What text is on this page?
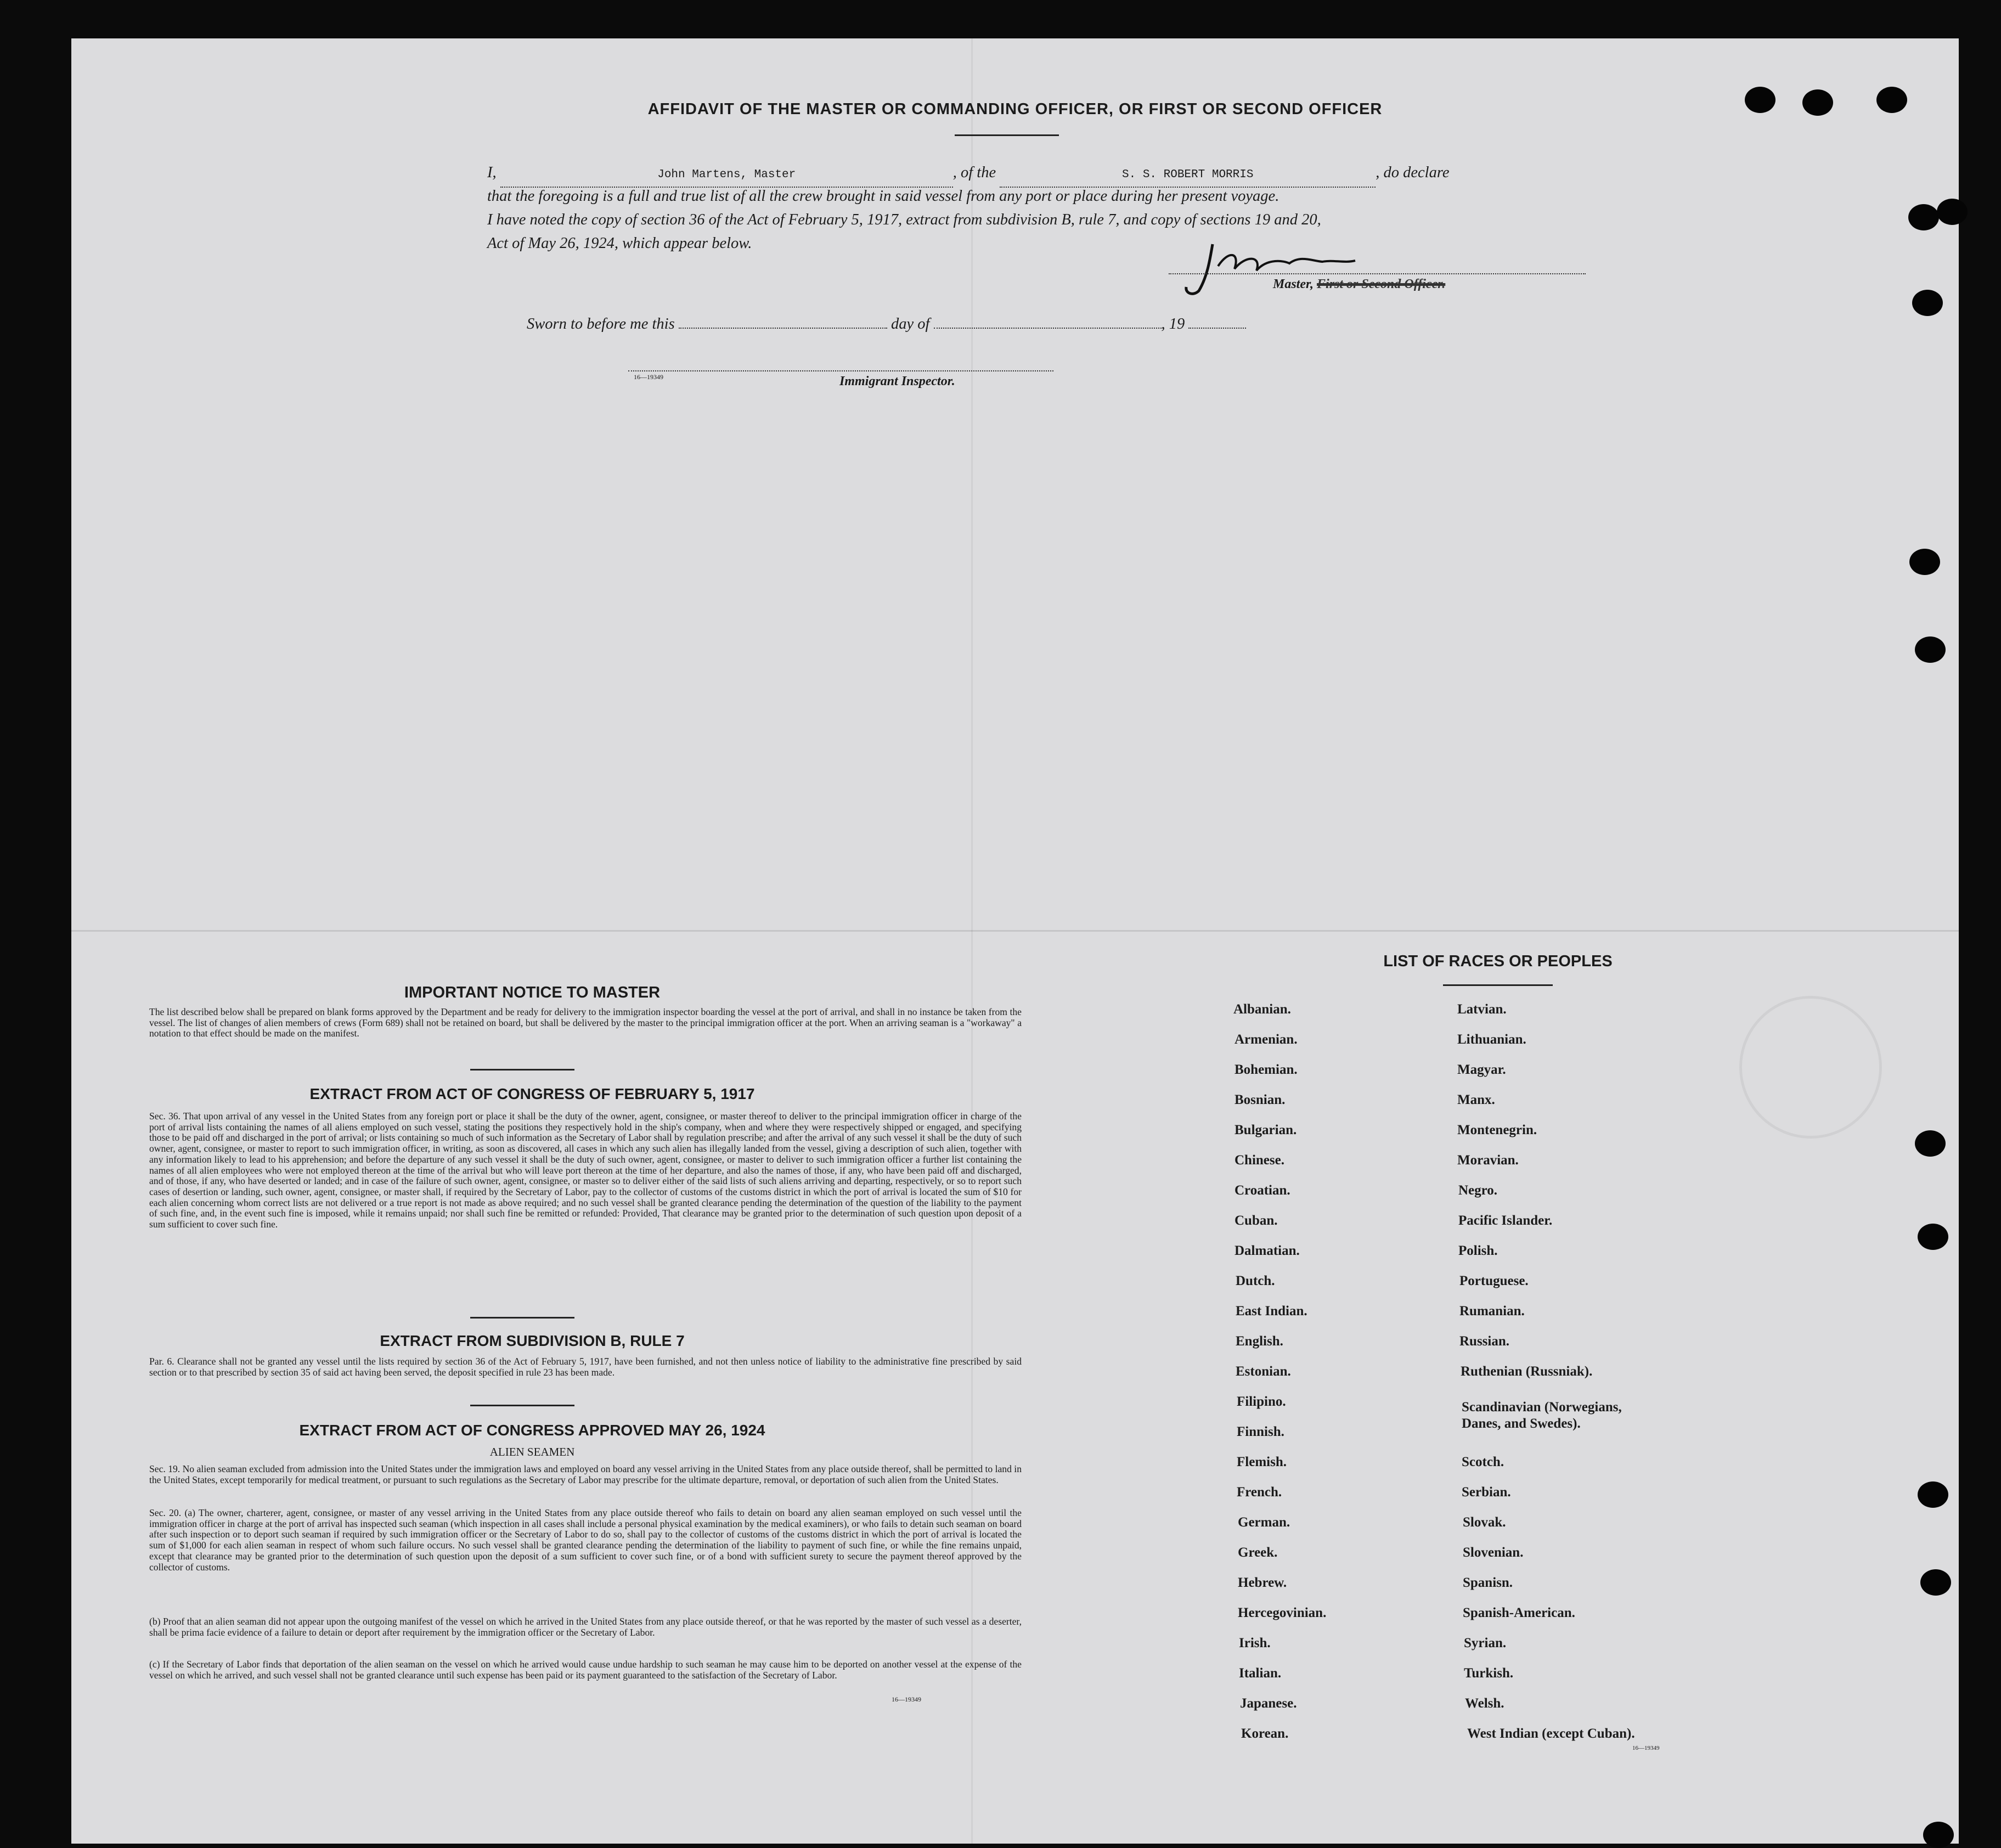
AFFIDAVIT OF THE MASTER OR COMMANDING OFFICER, OR FIRST OR SECOND OFFICER
I,	John Martens, Master	, of the	S. S. ROBERT MORRIS	, do declare
that the foregoing is a full and true list of all the crew brought in said vessel from any port or place during her present voyage.
I have noted the copy of section 36 of the Act of February 5, 1917, extract from subdivision B, rule 7, and copy of sections 19 and 20,
Act of May 26, 1924, which appear below.
Master, First or Second Officer.
Sworn to before me this	day of	, 19
16—19349	Immigrant Inspector.
IMPORTANT NOTICE TO MASTER
The list described below shall be prepared on blank forms approved by the Department and be ready for delivery to the immigration inspector boarding the vessel at the port of arrival, and shall in no instance be taken from the vessel. The list of changes of alien members of crews (Form 689) shall not be retained on board, but shall be delivered by the master to the principal immigration officer at the port. When an arriving seaman is a "workaway" a notation to that effect should be made on the manifest.
EXTRACT FROM ACT OF CONGRESS OF FEBRUARY 5, 1917
Sec. 36. That upon arrival of any vessel in the United States from any foreign port or place it shall be the duty of the owner, agent, consignee, or master thereof to deliver to the principal immigration officer in charge of the port of arrival lists containing the names of all aliens employed on such vessel, stating the positions they respectively hold in the ship's company, when and where they were respectively shipped or engaged, and specifying those to be paid off and discharged in the port of arrival; or lists containing so much of such information as the Secretary of Labor shall by regulation prescribe; and after the arrival of any such vessel it shall be the duty of such owner, agent, consignee, or master to report to such immigration officer, in writing, as soon as discovered, all cases in which any such alien has illegally landed from the vessel, giving a description of such alien, together with any information likely to lead to his apprehension; and before the departure of any such vessel it shall be the duty of such owner, agent, consignee, or master to deliver to such immigration officer a further list containing the names of all alien employees who were not employed thereon at the time of the arrival but who will leave port thereon at the time of her departure, and also the names of those, if any, who have been paid off and discharged, and of those, if any, who have deserted or landed; and in case of the failure of such owner, agent, consignee, or master so to deliver either of the said lists of such aliens arriving and departing, respectively, or so to report such cases of desertion or landing, such owner, agent, consignee, or master shall, if required by the Secretary of Labor, pay to the collector of customs of the customs district in which the port of arrival is located the sum of $10 for each alien concerning whom correct lists are not delivered or a true report is not made as above required; and no such vessel shall be granted clearance pending the determination of the question of the liability to the payment of such fine, and, in the event such fine is imposed, while it remains unpaid; nor shall such fine be remitted or refunded: Provided, That clearance may be granted prior to the determination of such question upon deposit of a sum sufficient to cover such fine.
EXTRACT FROM SUBDIVISION B, RULE 7
Par. 6. Clearance shall not be granted any vessel until the lists required by section 36 of the Act of February 5, 1917, have been furnished, and not then unless notice of liability to the administrative fine prescribed by said section or to that prescribed by section 35 of said act having been served, the deposit specified in rule 23 has been made.
EXTRACT FROM ACT OF CONGRESS APPROVED MAY 26, 1924
ALIEN SEAMEN
Sec. 19. No alien seaman excluded from admission into the United States under the immigration laws and employed on board any vessel arriving in the United States from any place outside thereof, shall be permitted to land in the United States, except temporarily for medical treatment, or pursuant to such regulations as the Secretary of Labor may prescribe for the ultimate departure, removal, or deportation of such alien from the United States.
Sec. 20. (a) The owner, charterer, agent, consignee, or master of any vessel arriving in the United States from any place outside thereof who fails to detain on board any alien seaman employed on such vessel until the immigration officer in charge at the port of arrival has inspected such seaman (which inspection in all cases shall include a personal physical examination by the medical examiners), or who fails to detain such seaman on board after such inspection or to deport such seaman if required by such immigration officer or the Secretary of Labor to do so, shall pay to the collector of customs of the customs district in which the port of arrival is located the sum of $1,000 for each alien seaman in respect of whom such failure occurs. No such vessel shall be granted clearance pending the determination of the liability to payment of such fine, or while the fine remains unpaid, except that clearance may be granted prior to the determination of such question upon the deposit of a sum sufficient to cover such fine, or of a bond with sufficient surety to secure the payment thereof approved by the collector of customs.
(b) Proof that an alien seaman did not appear upon the outgoing manifest of the vessel on which he arrived in the United States from any place outside thereof, or that he was reported by the master of such vessel as a deserter, shall be prima facie evidence of a failure to detain or deport after requirement by the immigration officer or the Secretary of Labor.
(c) If the Secretary of Labor finds that deportation of the alien seaman on the vessel on which he arrived would cause undue hardship to such seaman he may cause him to be deported on another vessel at the expense of the vessel on which he arrived, and such vessel shall not be granted clearance until such expense has been paid or its payment guaranteed to the satisfaction of the Secretary of Labor.
16—19349
LIST OF RACES OR PEOPLES
Albanian.
Armenian.
Bohemian.
Bosnian.
Bulgarian.
Chinese.
Croatian.
Cuban.
Dalmatian.
Dutch.
East Indian.
English.
Estonian.
Filipino.
Finnish.
Flemish.
French.
German.
Greek.
Hebrew.
Hercegovinian.
Irish.
Italian.
Japanese.
Korean.
Latvian.
Lithuanian.
Magyar.
Manx.
Montenegrin.
Moravian.
Negro.
Pacific Islander.
Polish.
Portuguese.
Rumanian.
Russian.
Ruthenian (Russniak).
Scandinavian (Norwegians, Danes, and Swedes).
Scotch.
Serbian.
Slovak.
Slovenian.
Spanisn.
Spanish-American.
Syrian.
Turkish.
Welsh.
West Indian (except Cuban).
16—19349
